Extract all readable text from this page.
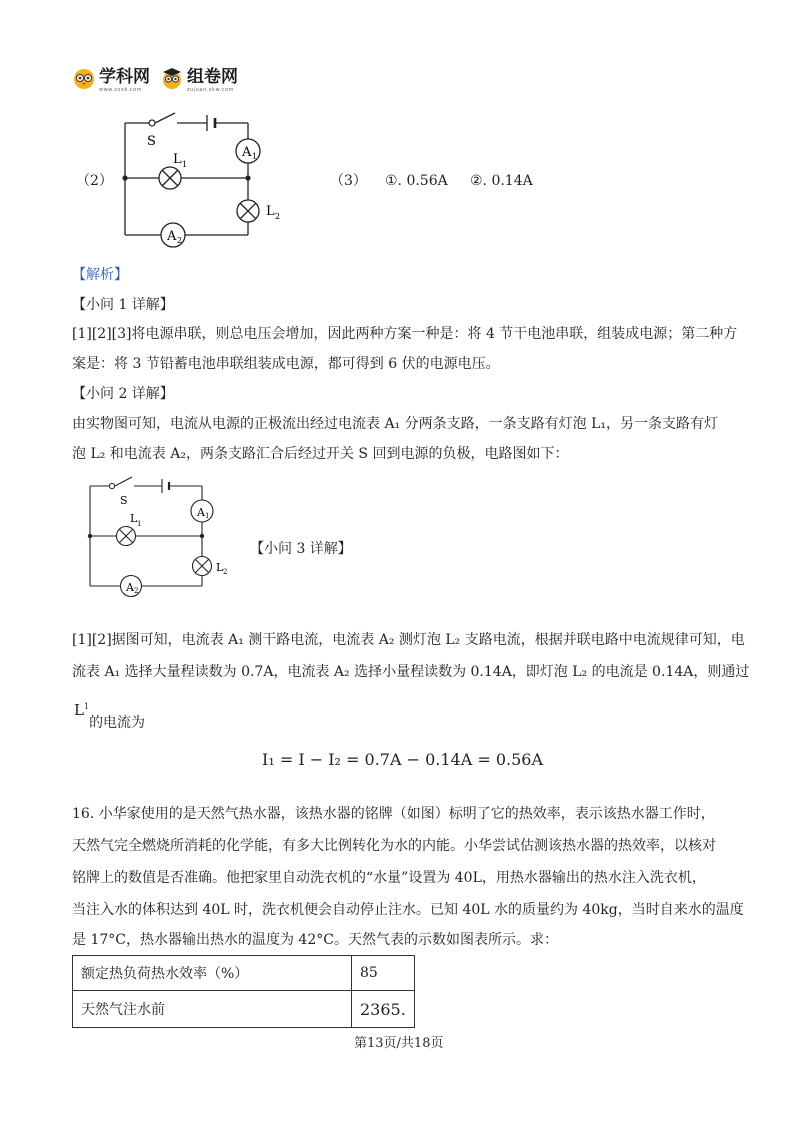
学科网
www.zxxk.com
组卷网
zujuan.xkw.com
（2）
A 1
L 1
L 2
A 2
S
（3） ①. 0.56A ②. 0.14A
【解析】
【小问 1 详解】
[1][2][3]将电源串联，则总电压会增加，因此两种方案一种是：将 4 节干电池串联，组装成电源；第二种方
案是：将 3 节铅蓄电池串联组装成电源，都可得到 6 伏的电源电压。
【小问 2 详解】
由实物图可知，电流从电源的正极流出经过电流表 A₁ 分两条支路，一条支路有灯泡 L₁，另一条支路有灯
泡 L₂ 和电流表 A₂，两条支路汇合后经过开关 S 回到电源的负极，电路图如下：
A 1
L 1
L 2
A 2
S
【小问 3 详解】
[1][2]据图可知，电流表 A₁ 测干路电流，电流表 A₂ 测灯泡 L₂ 支路电流，根据并联电路中电流规律可知，电
流表 A₁ 选择大量程读数为 0.7A，电流表 A₂ 选择小量程读数为 0.14A，即灯泡 L₂ 的电流是 0.14A，则通过
$L^1$的电流为
I₁ = I − I₂ = 0.7A − 0.14A = 0.56A
16. 小华家使用的是天然气热水器，该热水器的铭牌（如图）标明了它的热效率，表示该热水器工作时，
天然气完全燃烧所消耗的化学能，有多大比例转化为水的内能。小华尝试估测该热水器的热效率，以核对
铭牌上的数值是否准确。他把家里自动洗衣机的“水量”设置为 40L，用热水器输出的热水注入洗衣机，
当注入水的体积达到 40L 时，洗衣机便会自动停止注水。已知 40L 水的质量约为 40kg，当时自来水的温度
是 17°C，热水器输出热水的温度为 42°C。天然气表的示数如图表所示。求：
额定热负荷热水效率（%）	85
天然气注水前	2365.
第13页/共18页
